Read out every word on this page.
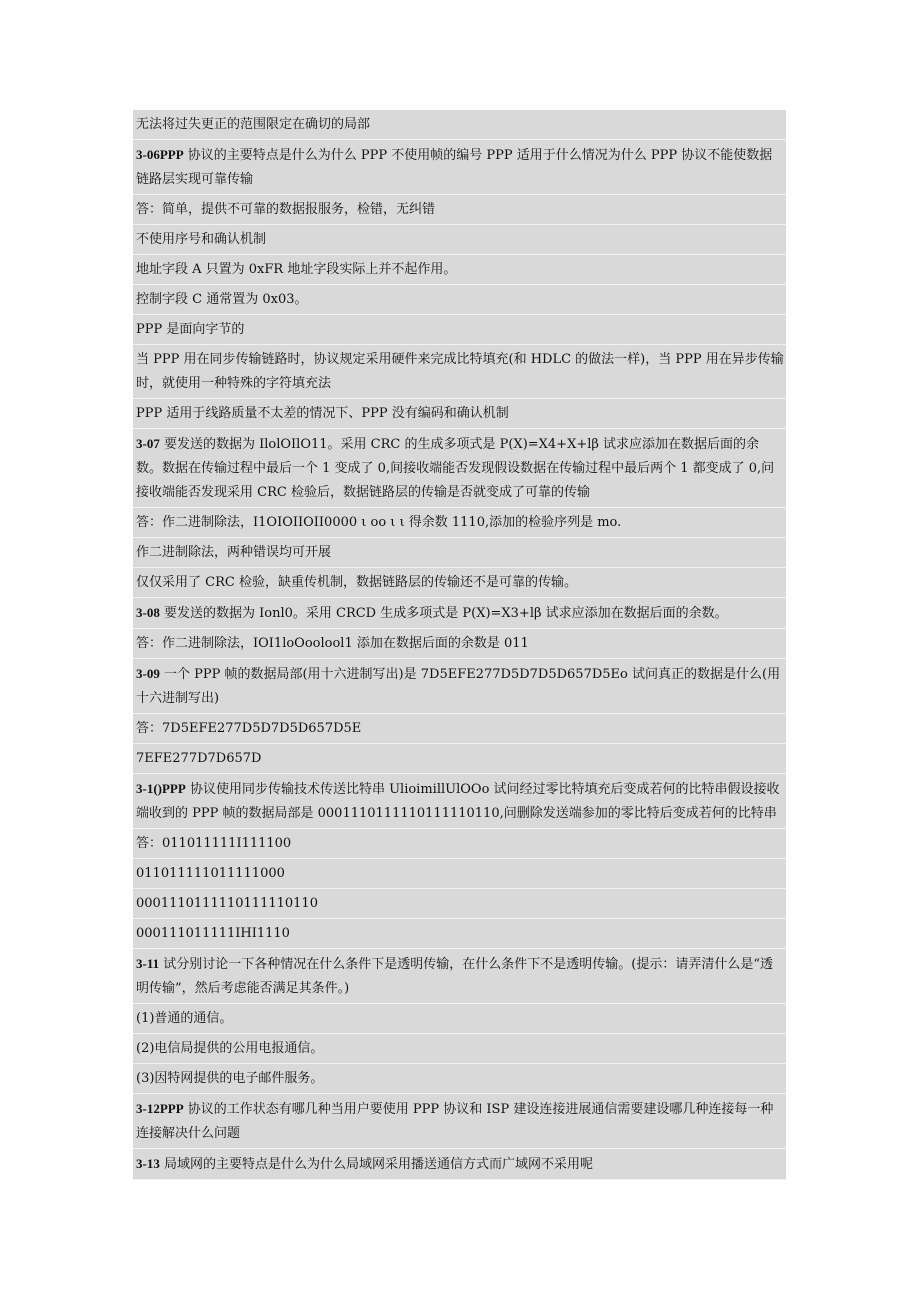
无法将过失更正的范围限定在确切的局部
3-06PPP 协议的主要特点是什么为什么 PPP 不使用帧的编号 PPP 适用于什么情况为什么 PPP 协议不能使数据链路层实现可靠传输
答：简单，提供不可靠的数据报服务，检错，无纠错
不使用序号和确认机制
地址字段 A 只置为 0xFR 地址字段实际上并不起作用。
控制字段 C 通常置为 0x03。
PPP 是面向字节的
当 PPP 用在同步传输链路时，协议规定采用硬件来完成比特填充(和 HDLC 的做法一样)，当 PPP 用在异步传输时，就使用一种特殊的字符填充法
PPP 适用于线路质量不太差的情况下、PPP 没有编码和确认机制
3-07 要发送的数据为 IlolOIlO11。采用 CRC 的生成多项式是 P(X)=X4+X+lβ 试求应添加在数据后面的余数。数据在传输过程中最后一个 1 变成了 0,间接收端能否发现假设数据在传输过程中最后两个 1 都变成了 0,问接收端能否发现采用 CRC 检验后，数据链路层的传输是否就变成了可靠的传输
答：作二进制除法，I1OIOIIOII0000 ι oo ι ι 得余数 1110,添加的检验序列是 mo.
作二进制除法，两种错误均可开展
仅仅采用了 CRC 检验，缺重传机制，数据链路层的传输还不是可靠的传输。
3-08 要发送的数据为 Ionl0。采用 CRCD 生成多项式是 P(X)=X3+lβ 试求应添加在数据后面的余数。
答：作二进制除法，IOI1loOoolool1 添加在数据后面的余数是 011
3-09 一个 PPP 帧的数据局部(用十六进制写出)是 7D5EFE277D5D7D5D657D5Eo 试问真正的数据是什么(用十六进制写出)
答：7D5EFE277D5D7D5D657D5E
7EFE277D7D657D
3-1()PPP 协议使用同步传输技术传送比特串 UlioimillUlOOo 试问经过零比特填充后变成若何的比特串假设接收端收到的 PPP 帧的数据局部是 0001110111110111110110,问删除发送端参加的零比特后变成若何的比特串
答：011011111I111100
011011111011111000
0001110111110111110110
000111011111IHI1110
3-11 试分别讨论一下各种情况在什么条件下是透明传输，在什么条件下不是透明传输。(提示：请弄清什么是“透明传输”，然后考虑能否满足其条件。)
(1)普通的通信。
(2)电信局提供的公用电报通信。
(3)因特网提供的电子邮件服务。
3-12PPP 协议的工作状态有哪几种当用户要使用 PPP 协议和 ISP 建设连接进展通信需要建设哪几种连接每一种连接解决什么问题
3-13 局域网的主要特点是什么为什么局域网采用播送通信方式而广域网不采用呢
